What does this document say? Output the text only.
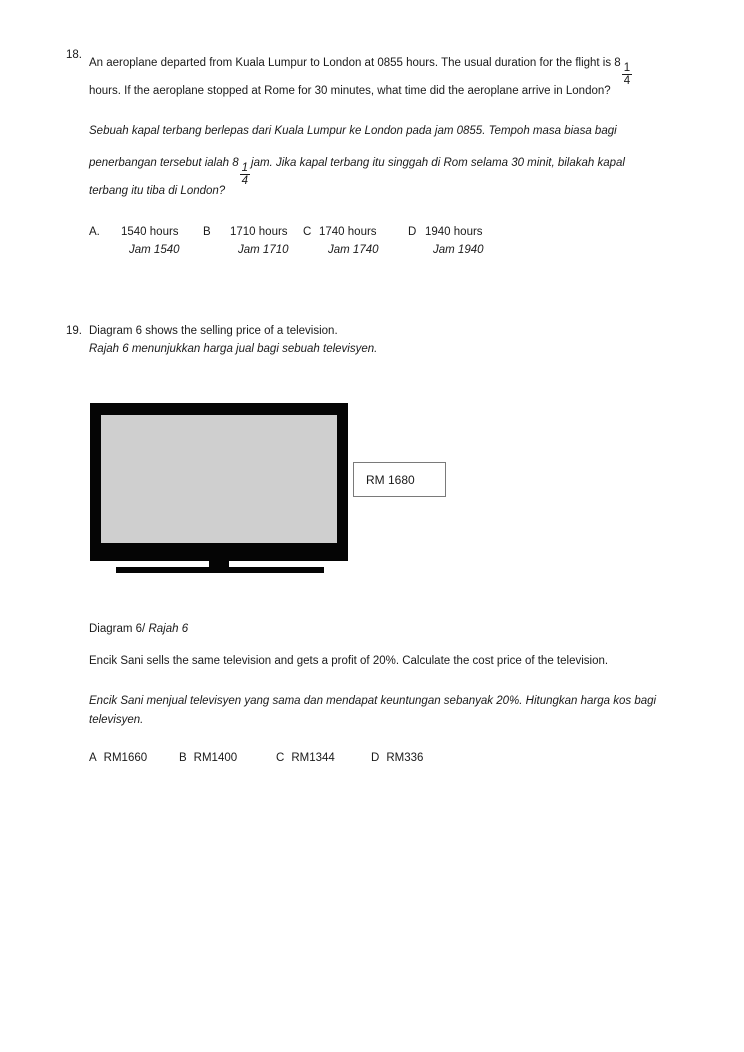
18.
An aeroplane departed from Kuala Lumpur to London at 0855 hours. The usual duration for the flight is $8 \frac{1}{4}$
hours. If the aeroplane stopped at Rome for 30 minutes, what time did the aeroplane arrive in London?
Sebuah kapal terbang berlepas dari Kuala Lumpur ke London pada jam 0855. Tempoh masa biasa bagi
penerbangan tersebut ialah $8 \frac{1}{4}$ jam. Jika kapal terbang itu singgah di Rom selama 30 minit, bilakah kapal
terbang itu tiba di London?
A. 1540 hours
Jam 1540
B 1710 hours
Jam 1710
C 1740 hours
Jam 1740
D 1940 hours
Jam 1940
19. Diagram 6 shows the selling price of a television.
Rajah 6 menunjukkan harga jual bagi sebuah televisyen.
RM 1680
Diagram 6/ Rajah 6
Encik Sani sells the same television and gets a profit of 20%. Calculate the cost price of the television.
Encik Sani menjual televisyen yang sama dan mendapat keuntungan sebanyak 20%. Hitungkan harga kos bagi televisyen.
A RM1660	B RM1400	C RM1344	D RM336
